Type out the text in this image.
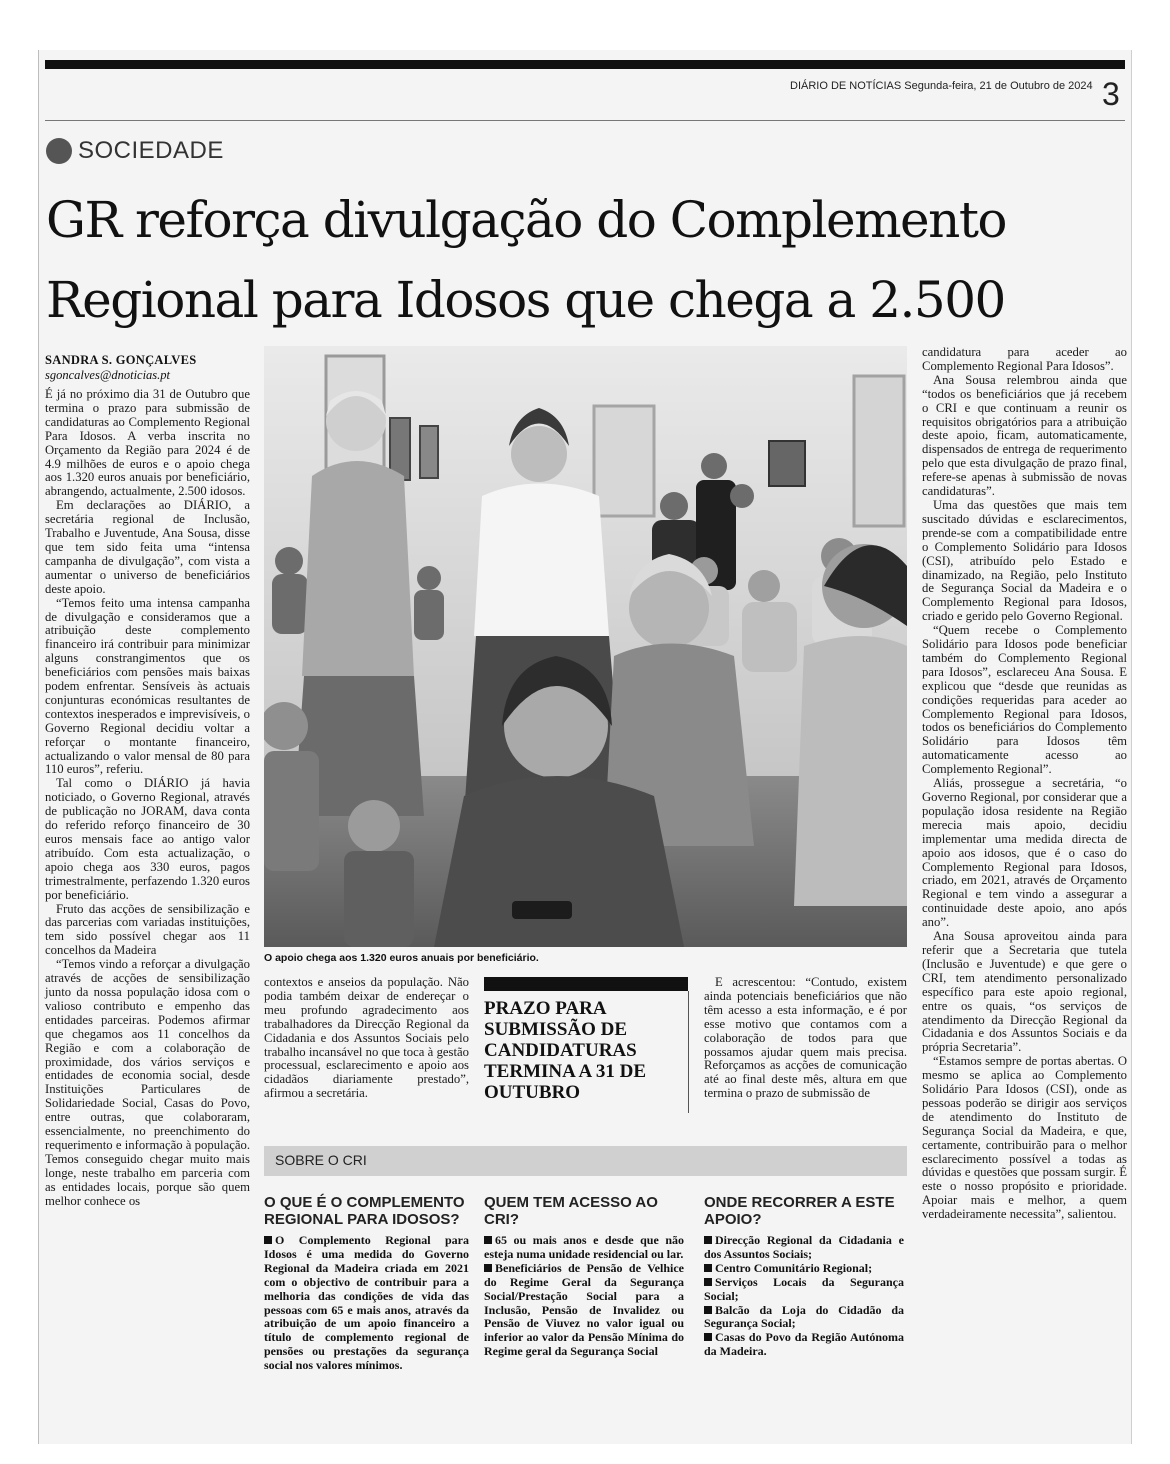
DIÁRIO DE NOTÍCIAS Segunda-feira, 21 de Outubro de 2024 3
SOCIEDADE
GR reforça divulgação do Complemento Regional para Idosos que chega a 2.500
SANDRA S. GONÇALVES
sgoncalves@dnoticias.pt

É já no próximo dia 31 de Outubro que termina o prazo para submissão de candidaturas ao Complemento Regional Para Idosos. A verba inscrita no Orçamento da Região para 2024 é de 4.9 milhões de euros e o apoio chega aos 1.320 euros anuais por beneficiário, abrangendo, actualmente, 2.500 idosos.

Em declarações ao DIÁRIO, a secretária regional de Inclusão, Trabalho e Juventude, Ana Sousa, disse que tem sido feita uma “intensa campanha de divulgação”, com vista a aumentar o universo de beneficiários deste apoio.

“Temos feito uma intensa campanha de divulgação e consideramos que a atribuição deste complemento financeiro irá contribuir para minimizar alguns constrangimentos que os beneficiários com pensões mais baixas podem enfrentar. Sensíveis às actuais conjunturas económicas resultantes de contextos inesperados e imprevisíveis, o Governo Regional decidiu voltar a reforçar o montante financeiro, actualizando o valor mensal de 80 para 110 euros”, referiu.

Tal como o DIÁRIO já havia noticiado, o Governo Regional, através de publicação no JORAM, dava conta do referido reforço financeiro de 30 euros mensais face ao antigo valor atribuído. Com esta actualização, o apoio chega aos 330 euros, pagos trimestralmente, perfazendo 1.320 euros por beneficiário.

Fruto das acções de sensibilização e das parcerias com variadas instituições, tem sido possível chegar aos 11 concelhos da Madeira

“Temos vindo a reforçar a divulgação através de acções de sensibilização junto da nossa população idosa com o valioso contributo e empenho das entidades parceiras. Podemos afirmar que chegamos aos 11 concelhos da Região e com a colaboração de proximidade, dos vários serviços e entidades de economia social, desde Instituições Particulares de Solidariedade Social, Casas do Povo, entre outras, que colaboraram, essencialmente, no preenchimento do requerimento e informação à população. Temos conseguido chegar muito mais longe, neste trabalho em parceria com as entidades locais, porque são quem melhor conhece os

O apoio chega aos 1.320 euros anuais por beneficiário.

contextos e anseios da população. Não podia também deixar de endereçar o meu profundo agradecimento aos trabalhadores da Direcção Regional da Cidadania e dos Assuntos Sociais pelo trabalho incansável no que toca à gestão processual, esclarecimento e apoio aos cidadãos diariamente prestado”, afirmou a secretária.

PRAZO PARA SUBMISSÃO DE CANDIDATURAS TERMINA A 31 DE OUTUBRO

E acrescentou: “Contudo, existem ainda potenciais beneficiários que não têm acesso a esta informação, e é por esse motivo que contamos com a colaboração de todos para que possamos ajudar quem mais precisa. Reforçamos as acções de comunicação até ao final deste mês, altura em que termina o prazo de submissão de

candidatura para aceder ao Complemento Regional Para Idosos”.

Ana Sousa relembrou ainda que “todos os beneficiários que já recebem o CRI e que continuam a reunir os requisitos obrigatórios para a atribuição deste apoio, ficam, automaticamente, dispensados de entrega de requerimento pelo que esta divulgação de prazo final, refere-se apenas à submissão de novas candidaturas”.

Uma das questões que mais tem suscitado dúvidas e esclarecimentos, prende-se com a compatibilidade entre o Complemento Solidário para Idosos (CSI), atribuído pelo Estado e dinamizado, na Região, pelo Instituto de Segurança Social da Madeira e o Complemento Regional para Idosos, criado e gerido pelo Governo Regional.

“Quem recebe o Complemento Solidário para Idosos pode beneficiar também do Complemento Regional para Idosos”, esclareceu Ana Sousa. E explicou que “desde que reunidas as condições requeridas para aceder ao Complemento Regional para Idosos, todos os beneficiários do Complemento Solidário para Idosos têm automaticamente acesso ao Complemento Regional”.

Aliás, prossegue a secretária, “o Governo Regional, por considerar que a população idosa residente na Região merecia mais apoio, decidiu implementar uma medida directa de apoio aos idosos, que é o caso do Complemento Regional para Idosos, criado, em 2021, através de Orçamento Regional e tem vindo a assegurar a continuidade deste apoio, ano após ano”.

Ana Sousa aproveitou ainda para referir que a Secretaria que tutela (Inclusão e Juventude) e que gere o CRI, tem atendimento personalizado específico para este apoio regional, entre os quais, “os serviços de atendimento da Direcção Regional da Cidadania e dos Assuntos Sociais e da própria Secretaria”.

“Estamos sempre de portas abertas. O mesmo se aplica ao Complemento Solidário Para Idosos (CSI), onde as pessoas poderão se dirigir aos serviços de atendimento do Instituto de Segurança Social da Madeira, e que, certamente, contribuirão para o melhor esclarecimento possível a todas as dúvidas e questões que possam surgir. É este o nosso propósito e prioridade. Apoiar mais e melhor, a quem verdadeiramente necessita”, salientou.

SOBRE O CRI
O QUE É O COMPLEMENTO REGIONAL PARA IDOSOS?
O Complemento Regional para Idosos é uma medida do Governo Regional da Madeira criada em 2021 com o objectivo de contribuir para a melhoria das condições de vida das pessoas com 65 e mais anos, através da atribuição de um apoio financeiro a título de complemento regional de pensões ou prestações da segurança social nos valores mínimos.
QUEM TEM ACESSO AO CRI?
65 ou mais anos e desde que não esteja numa unidade residencial ou lar.
Beneficiários de Pensão de Velhice do Regime Geral da Segurança Social/Prestação Social para a Inclusão, Pensão de Invalidez ou Pensão de Viuvez no valor igual ou inferior ao valor da Pensão Mínima do Regime geral da Segurança Social
ONDE RECORRER A ESTE APOIO?
Direcção Regional da Cidadania e dos Assuntos Sociais;
Centro Comunitário Regional;
Serviços Locais da Segurança Social;
Balcão da Loja do Cidadão da Segurança Social;
Casas do Povo da Região Autónoma da Madeira.
